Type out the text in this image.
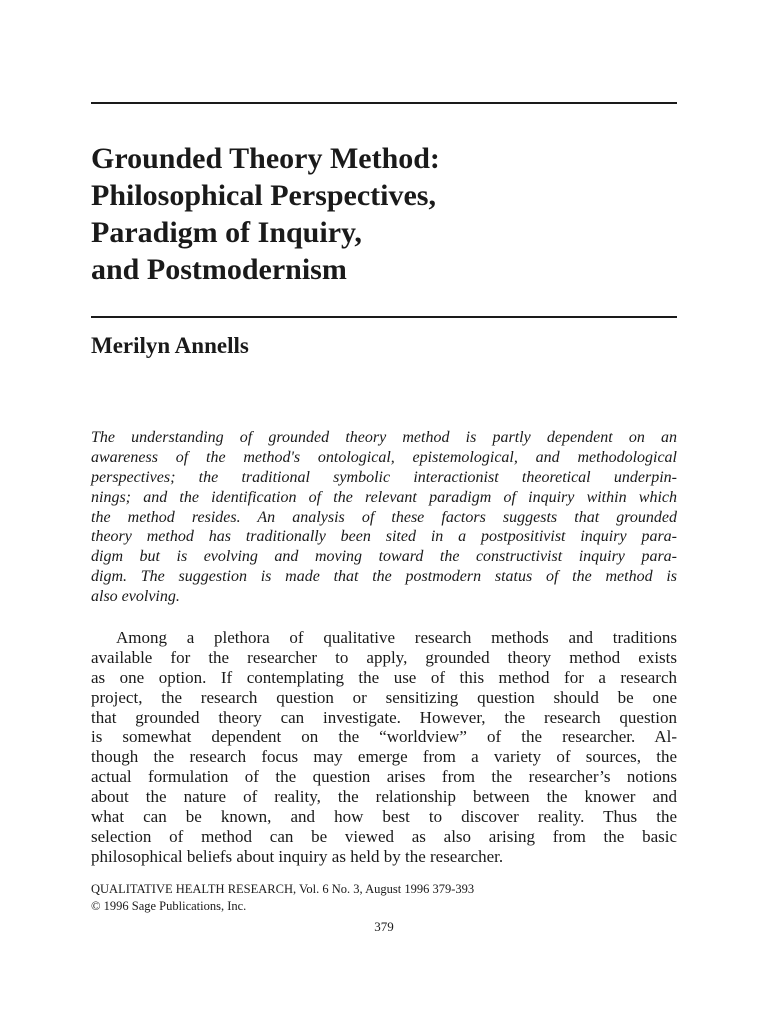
Grounded Theory Method:
Philosophical Perspectives,
Paradigm of Inquiry,
and Postmodernism
Merilyn Annells
The understanding of grounded theory method is partly dependent on an
awareness of the method's ontological, epistemological, and methodological
perspectives; the traditional symbolic interactionist theoretical underpin-
nings; and the identification of the relevant paradigm of inquiry within which
the method resides. An analysis of these factors suggests that grounded
theory method has traditionally been sited in a postpositivist inquiry para-
digm but is evolving and moving toward the constructivist inquiry para-
digm. The suggestion is made that the postmodern status of the method is
also evolving.
Among a plethora of qualitative research methods and traditions
available for the researcher to apply, grounded theory method exists
as one option. If contemplating the use of this method for a research
project, the research question or sensitizing question should be one
that grounded theory can investigate. However, the research question
is somewhat dependent on the “worldview” of the researcher. Al-
though the research focus may emerge from a variety of sources, the
actual formulation of the question arises from the researcher’s notions
about the nature of reality, the relationship between the knower and
what can be known, and how best to discover reality. Thus the
selection of method can be viewed as also arising from the basic
philosophical beliefs about inquiry as held by the researcher.
QUALITATIVE HEALTH RESEARCH, Vol. 6 No. 3, August 1996 379-393
© 1996 Sage Publications, Inc.
379
